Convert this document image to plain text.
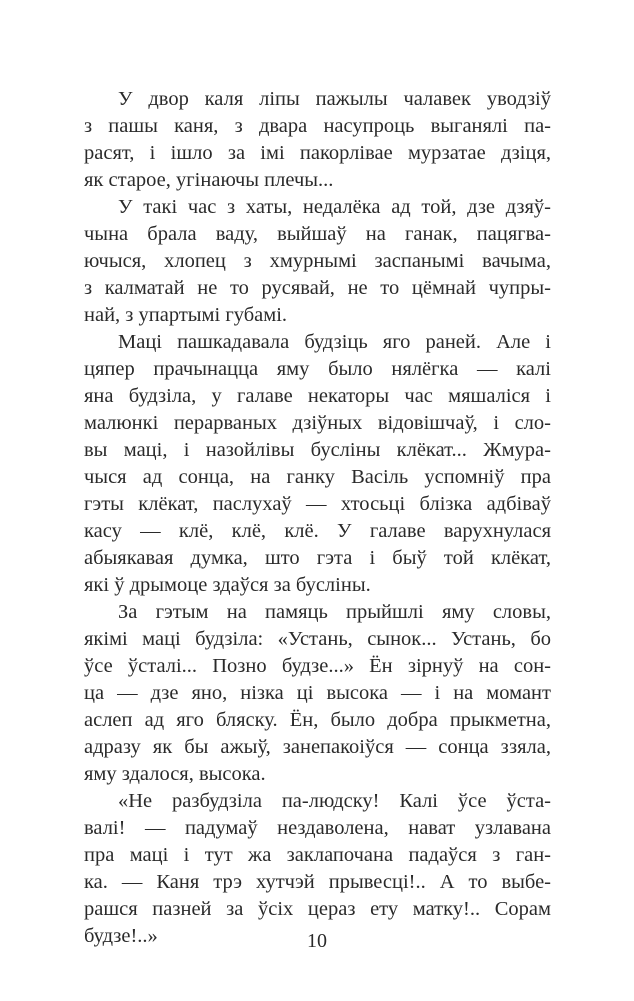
У двор каля ліпы пажылы чалавек уводзіў
з пашы каня, з двара насупроць выганялі па-
расят, і ішло за імі пакорлівае мурзатае дзіця,
як старое, угінаючы плечы...
У такі час з хаты, недалёка ад той, дзе дзяў-
чына брала ваду, выйшаў на ганак, пацягва-
ючыся, хлопец з хмурнымі заспанымі вачыма,
з калматай не то русявай, не то цёмнай чупры-
най, з упартымі губамі.
Маці пашкадавала будзіць яго раней. Але і
цяпер прачынацца яму было нялёгка — калі
яна будзіла, у галаве некаторы час мяшаліся і
малюнкі перарваных дзіўных відовішчаў, і сло-
вы маці, і назойлівы бусліны клёкат... Жмура-
чыся ад сонца, на ганку Васіль успомніў пра
гэты клёкат, паслухаў — хтосьці блізка адбіваў
касу — клё, клё, клё. У галаве варухнулася
абыякавая думка, што гэта і быў той клёкат,
які ў дрымоце здаўся за бусліны.
За гэтым на памяць прыйшлі яму словы,
якімі маці будзіла: «Устань, сынок... Устань, бо
ўсе ўсталі... Позно будзе...» Ён зірнуў на сон-
ца — дзе яно, нізка ці высока — і на момант
аслеп ад яго бляску. Ён, было добра прыкметна,
адразу як бы ажыў, занепакоіўся — сонца ззяла,
яму здалося, высока.
«Не разбудзіла па-людску! Калі ўсе ўста-
валі! — падумаў нездаволена, нават узлавана
пра маці і тут жа заклапочана падаўся з ган-
ка. — Каня трэ хутчэй прывесці!.. А то выбе-
рашся пазней за ўсіх цераз ету матку!.. Сорам
будзе!..»	10
